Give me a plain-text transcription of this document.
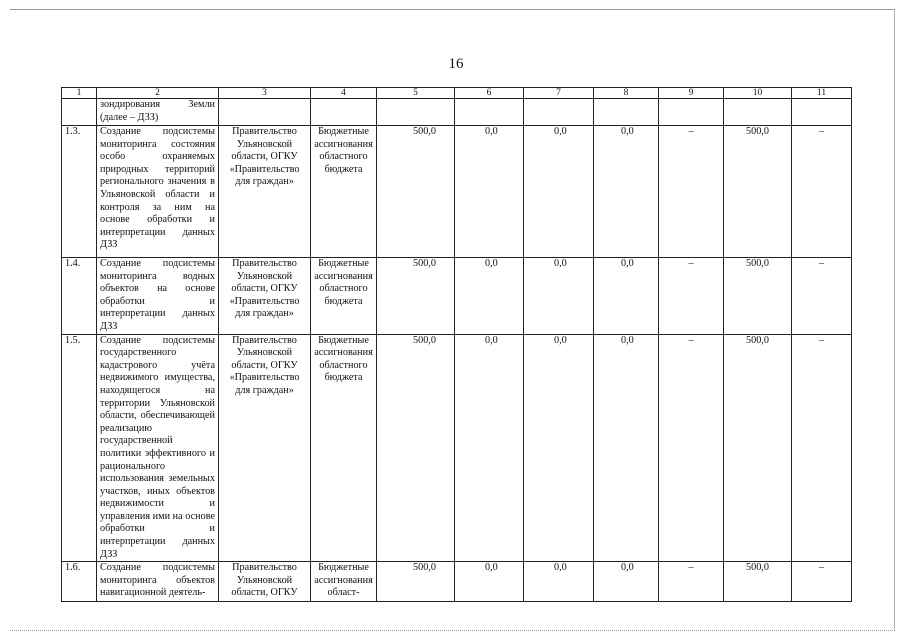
16
1	2	3	4	5	6	7	8	9	10	11
	зондирования Земли (далее – ДЗЗ)									
1.3.	Создание подсистемы мониторинга состояния особо охраняемых природных территорий регионального значения в Ульяновской области и контроля за ним на основе обработки и интерпретации данных ДЗЗ	Правительство Ульяновской области, ОГКУ «Правительство для граждан»	Бюджетные ассигнования областного бюджета	500,0	0,0	0,0	0,0	–	500,0	–
1.4.	Создание подсистемы мониторинга водных объектов на основе обработки и интерпретации данных ДЗЗ	Правительство Ульяновской области, ОГКУ «Правительство для граждан»	Бюджетные ассигнования областного бюджета	500,0	0,0	0,0	0,0	–	500,0	–
1.5.	Создание подсистемы государственного кадастрового учёта недвижимого имущества, находящегося на территории Ульяновской области, обеспечивающей реализацию государственной политики эффективного и рационального использования земельных участков, иных объектов недвижимости и управления ими на основе обработки и интерпретации данных ДЗЗ	Правительство Ульяновской области, ОГКУ «Правительство для граждан»	Бюджетные ассигнования областного бюджета	500,0	0,0	0,0	0,0	–	500,0	–
1.6.	Создание подсистемы мониторинга объектов навигационной деятель-	Правительство Ульяновской области, ОГКУ	Бюджетные ассигнования област-	500,0	0,0	0,0	0,0	–	500,0	–
